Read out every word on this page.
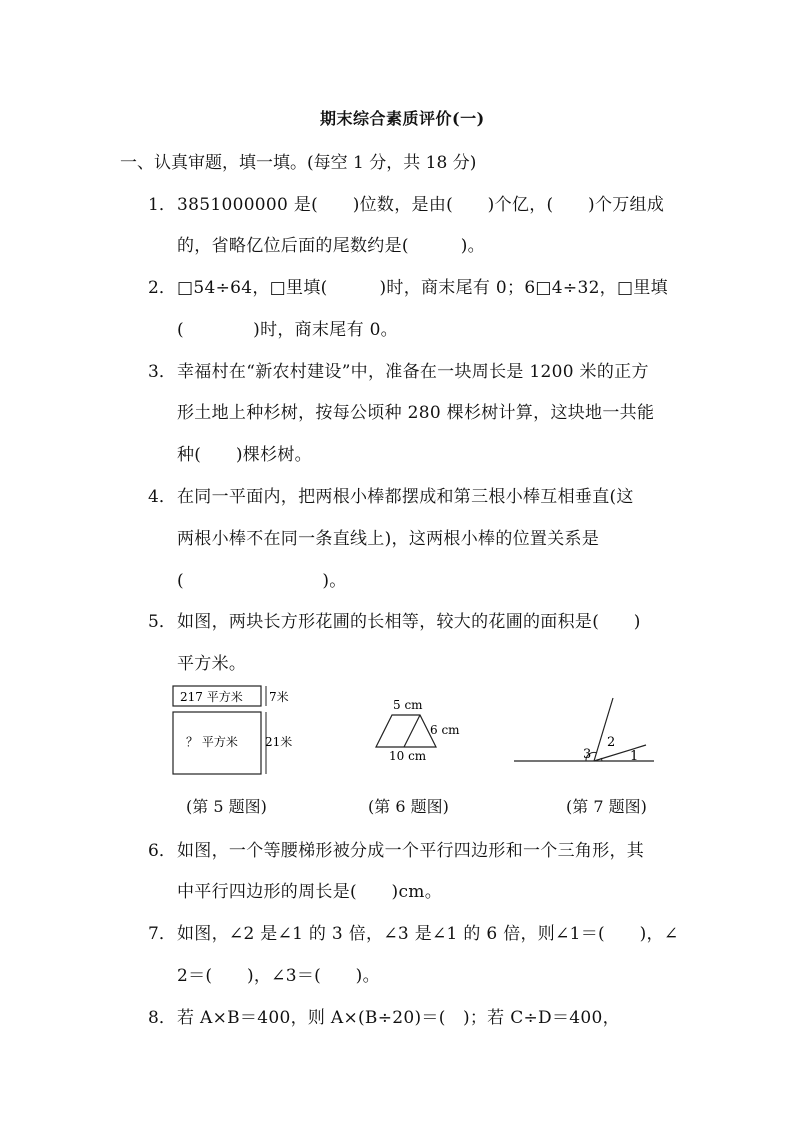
期末综合素质评价(一)
一、认真审题，填一填。(每空 1 分，共 18 分)
1． 3851000000 是(　　)位数，是由(　　)个亿，(　　)个万组成
的，省略亿位后面的尾数约是(　　　)。
2． □54÷64，□里填(　　　)时，商末尾有 0；6□4÷32，□里填
(　　　　)时，商末尾有 0。
3． 幸福村在“新农村建设”中，准备在一块周长是 1200 米的正方
形土地上种杉树，按每公顷种 280 棵杉树计算，这块地一共能
种(　　)棵杉树。
4． 在同一平面内，把两根小棒都摆成和第三根小棒互相垂直(这
两根小棒不在同一条直线上)，这两根小棒的位置关系是
(　　　　　　　　)。
5． 如图，两块长方形花圃的长相等，较大的花圃的面积是(　　)
平方米。
217 平方米 7米
？ 平方米 21米
(第 5 题图)
5 cm
6 cm
10 cm
(第 6 题图)
3
2
1
(第 7 题图)
6． 如图，一个等腰梯形被分成一个平行四边形和一个三角形，其
中平行四边形的周长是(　　)cm。
7． 如图，∠2 是∠1 的 3 倍，∠3 是∠1 的 6 倍，则∠1＝(　　)，∠
2＝(　　)，∠3＝(　　)。
8． 若 A×B＝400，则 A×(B÷20)＝(　)；若 C÷D＝400，
